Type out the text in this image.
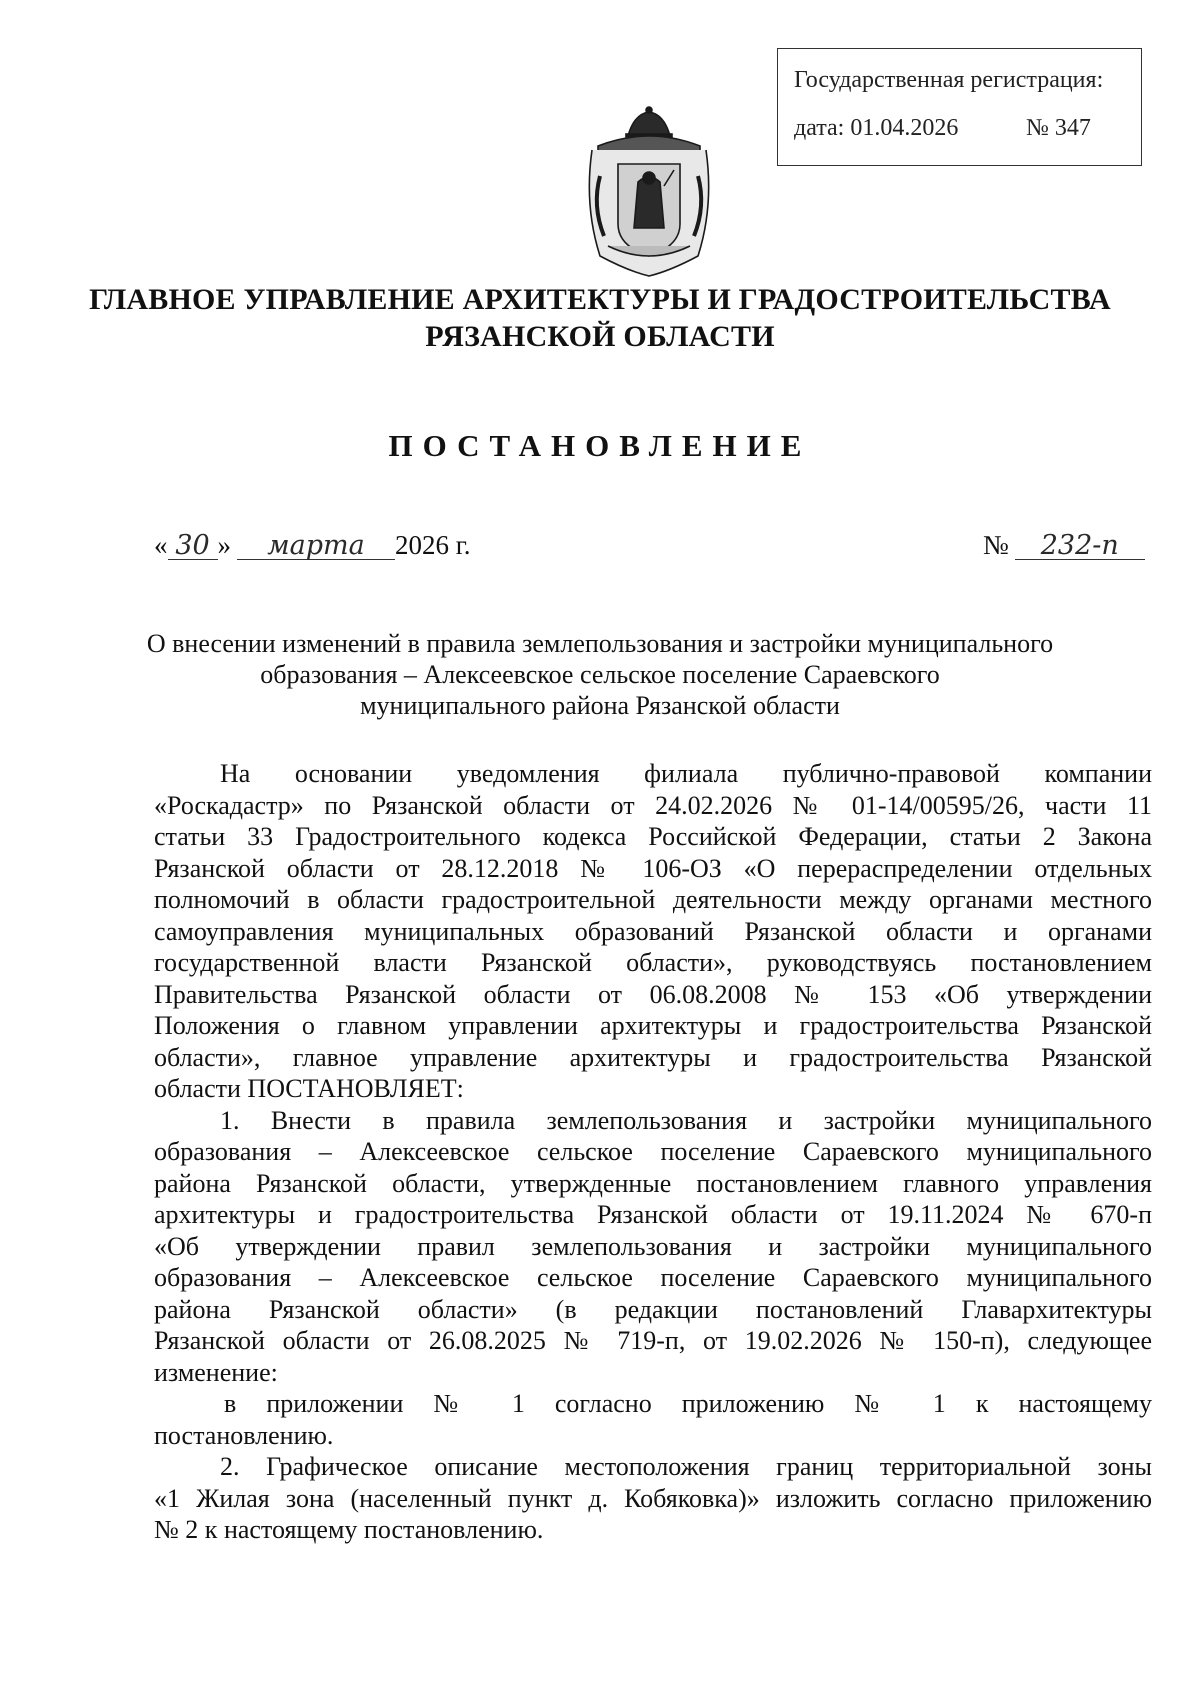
Государственная регистрация:
дата: 01.04.2026	№ 347
ГЛАВНОЕ УПРАВЛЕНИЕ АРХИТЕКТУРЫ И ГРАДОСТРОИТЕЛЬСТВА
РЯЗАНСКОЙ ОБЛАСТИ
ПОСТАНОВЛЕНИЕ
« 30 » марта 2026 г.	№ 232-п
О внесении изменений в правила землепользования и застройки муниципального
образования – Алексеевское сельское поселение Сараевского
муниципального района Рязанской области
На основании уведомления филиала публично-правовой компании
«Роскадастр» по Рязанской области от 24.02.2026 № 01-14/00595/26, части 11
статьи 33 Градостроительного кодекса Российской Федерации, статьи 2 Закона
Рязанской области от 28.12.2018 № 106-ОЗ «О перераспределении отдельных
полномочий в области градостроительной деятельности между органами местного
самоуправления муниципальных образований Рязанской области и органами
государственной власти Рязанской области», руководствуясь постановлением
Правительства Рязанской области от 06.08.2008 № 153 «Об утверждении
Положения о главном управлении архитектуры и градостроительства Рязанской
области», главное управление архитектуры и градостроительства Рязанской
области ПОСТАНОВЛЯЕТ:
1. Внести в правила землепользования и застройки муниципального
образования – Алексеевское сельское поселение Сараевского муниципального
района Рязанской области, утвержденные постановлением главного управления
архитектуры и градостроительства Рязанской области от 19.11.2024 № 670-п
«Об утверждении правил землепользования и застройки муниципального
образования – Алексеевское сельское поселение Сараевского муниципального
района Рязанской области» (в редакции постановлений Главархитектуры
Рязанской области от 26.08.2025 № 719-п, от 19.02.2026 № 150-п), следующее
изменение:
в приложении № 1 согласно приложению № 1 к настоящему
постановлению.
2. Графическое описание местоположения границ территориальной зоны
«1 Жилая зона (населенный пункт д. Кобяковка)» изложить согласно приложению
№ 2 к настоящему постановлению.
